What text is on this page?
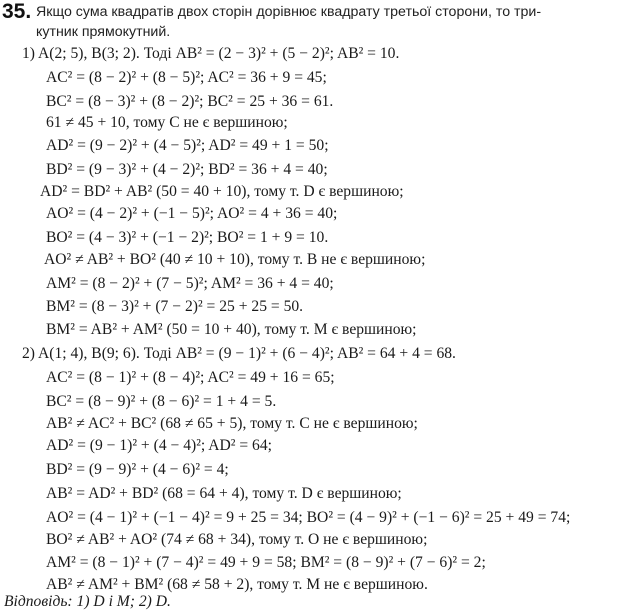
35. Якщо сума квадратів двох сторін дорівнює квадрату третьої сторони, то три-
кутник прямокутний.
1) A(2; 5), B(3; 2). Тоді AB² = (2 − 3)² + (5 − 2)²; AB² = 10.
AC² = (8 − 2)² + (8 − 5)²; AC² = 36 + 9 = 45;
BC² = (8 − 3)² + (8 − 2)²; BC² = 25 + 36 = 61.
61 ≠ 45 + 10, тому C не є вершиною;
AD² = (9 − 2)² + (4 − 5)²; AD² = 49 + 1 = 50;
BD² = (9 − 3)² + (4 − 2)²; BD² = 36 + 4 = 40;
AD² = BD² + AB² (50 = 40 + 10), тому т. D є вершиною;
AO² = (4 − 2)² + (−1 − 5)²; AO² = 4 + 36 = 40;
BO² = (4 − 3)² + (−1 − 2)²; BO² = 1 + 9 = 10.
AO² ≠ AB² + BO² (40 ≠ 10 + 10), тому т. B не є вершиною;
AM² = (8 − 2)² + (7 − 5)²; AM² = 36 + 4 = 40;
BM² = (8 − 3)² + (7 − 2)² = 25 + 25 = 50.
BM² = AB² + AM² (50 = 10 + 40), тому т. M є вершиною;
2) A(1; 4), B(9; 6). Тоді AB² = (9 − 1)² + (6 − 4)²; AB² = 64 + 4 = 68.
AC² = (8 − 1)² + (8 − 4)²; AC² = 49 + 16 = 65;
BC² = (8 − 9)² + (8 − 6)² = 1 + 4 = 5.
AB² ≠ AC² + BC² (68 ≠ 65 + 5), тому т. C не є вершиною;
AD² = (9 − 1)² + (4 − 4)²; AD² = 64;
BD² = (9 − 9)² + (4 − 6)² = 4;
AB² = AD² + BD² (68 = 64 + 4), тому т. D є вершиною;
AO² = (4 − 1)² + (−1 − 4)² = 9 + 25 = 34; BO² = (4 − 9)² + (−1 − 6)² = 25 + 49 = 74;
BO² ≠ AB² + AO² (74 ≠ 68 + 34), тому т. O не є вершиною;
AM² = (8 − 1)² + (7 − 4)² = 49 + 9 = 58; BM² = (8 − 9)² + (7 − 6)² = 2;
AB² ≠ AM² + BM² (68 ≠ 58 + 2), тому т. M не є вершиною.
Відповідь: 1) D і M; 2) D.
